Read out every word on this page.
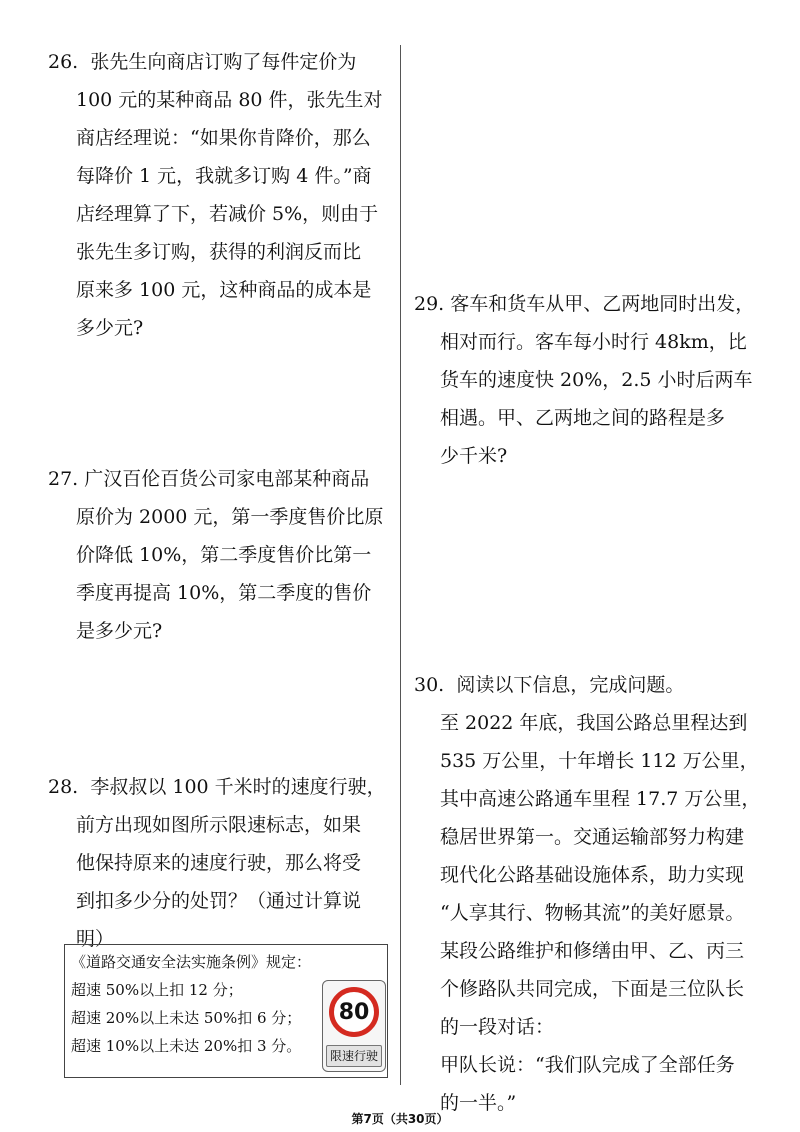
26. 张先生向商店订购了每件定价为
100 元的某种商品 80 件，张先生对
商店经理说：“如果你肯降价，那么
每降价 1 元，我就多订购 4 件。”商
店经理算了下，若减价 5%，则由于
张先生多订购，获得的利润反而比
原来多 100 元，这种商品的成本是
多少元?
27. 广汉百伦百货公司家电部某种商品
原价为 2000 元，第一季度售价比原
价降低 10%，第二季度售价比第一
季度再提高 10%，第二季度的售价
是多少元?
28. 李叔叔以 100 千米时的速度行驶，
前方出现如图所示限速标志，如果
他保持原来的速度行驶，那么将受
到扣多少分的处罚？（通过计算说
明）
《道路交通安全法实施条例》规定：
超速 50%以上扣 12 分；
超速 20%以上未达 50%扣 6 分；
超速 10%以上未达 20%扣 3 分。
80
限速行驶
29. 客车和货车从甲、乙两地同时出发，
相对而行。客车每小时行 48km，比
货车的速度快 20%，2.5 小时后两车
相遇。甲、乙两地之间的路程是多
少千米?
30. 阅读以下信息，完成问题。
至 2022 年底，我国公路总里程达到
535 万公里，十年增长 112 万公里，
其中高速公路通车里程 17.7 万公里，
稳居世界第一。交通运输部努力构建
现代化公路基础设施体系，助力实现
“人享其行、物畅其流”的美好愿景。
某段公路维护和修缮由甲、乙、丙三
个修路队共同完成，下面是三位队长
的一段对话：
甲队长说：“我们队完成了全部任务
的一半。”
第7页（共30页）
